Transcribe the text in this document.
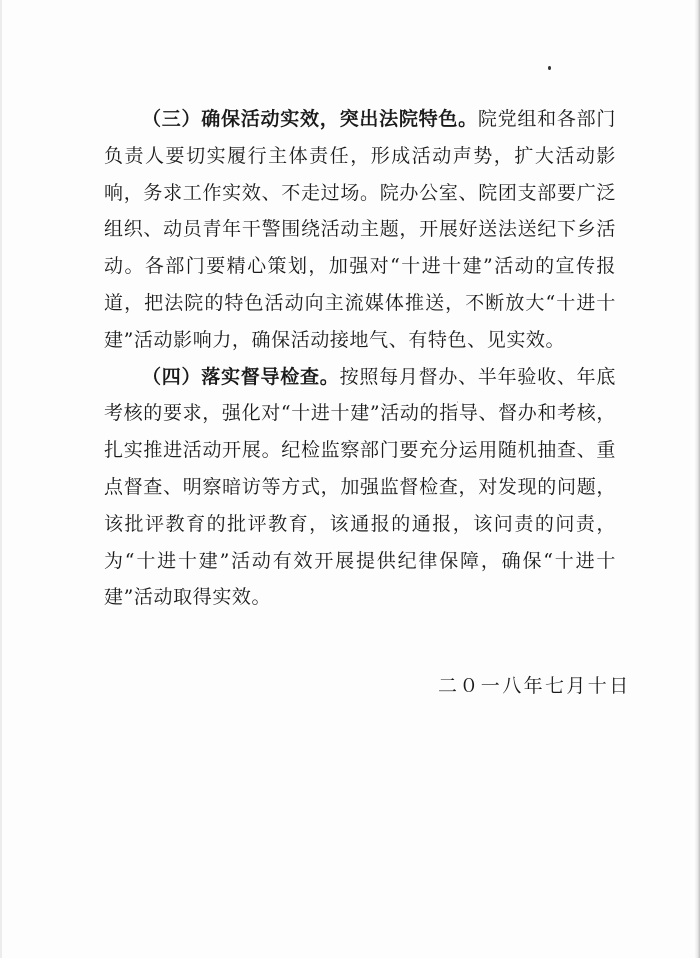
（三）确保活动实效，突出法院特色。院党组和各部门负责人要切实履行主体责任，形成活动声势，扩大活动影响，务求工作实效、不走过场。院办公室、院团支部要广泛组织、动员青年干警围绕活动主题，开展好送法送纪下乡活动。各部门要精心策划，加强对“十进十建”活动的宣传报道，把法院的特色活动向主流媒体推送，不断放大“十进十建”活动影响力，确保活动接地气、有特色、见实效。

（四）落实督导检查。按照每月督办、半年验收、年底考核的要求，强化对“十进十建”活动的指导、督办和考核，扎实推进活动开展。纪检监察部门要充分运用随机抽查、重点督查、明察暗访等方式，加强监督检查，对发现的问题，该批评教育的批评教育，该通报的通报，该问责的问责，为“十进十建”活动有效开展提供纪律保障，确保“十进十建”活动取得实效。

二０一八年七月十日
